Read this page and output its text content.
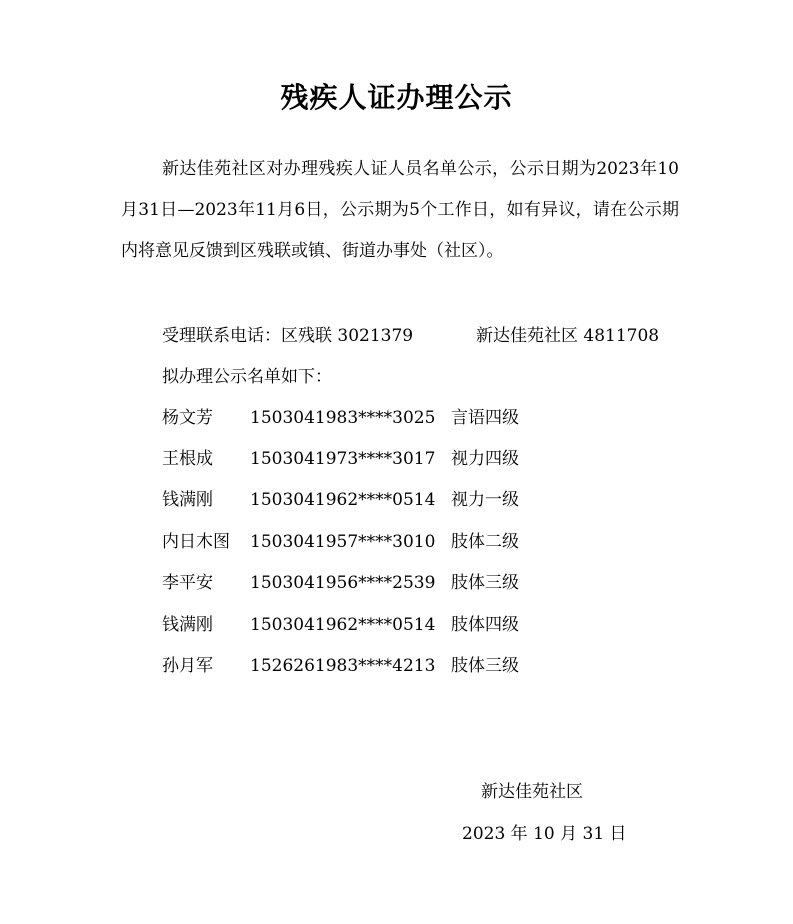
残疾人证办理公示
新达佳苑社区对办理残疾人证人员名单公示，公示日期为2023年10月31日—2023年11月6日，公示期为5个工作日，如有异议，请在公示期内将意见反馈到区残联或镇、街道办事处（社区）。
受理联系电话：区残联 3021379	新达佳苑社区 4811708
拟办理公示名单如下：
杨文芳 1503041983****3025 言语四级
王根成 1503041973****3017 视力四级
钱满刚 1503041962****0514 视力一级
内日木图 1503041957****3010 肢体二级
李平安 1503041956****2539 肢体三级
钱满刚 1503041962****0514 肢体四级
孙月军 1526261983****4213 肢体三级
新达佳苑社区
2023 年 10 月 31 日
